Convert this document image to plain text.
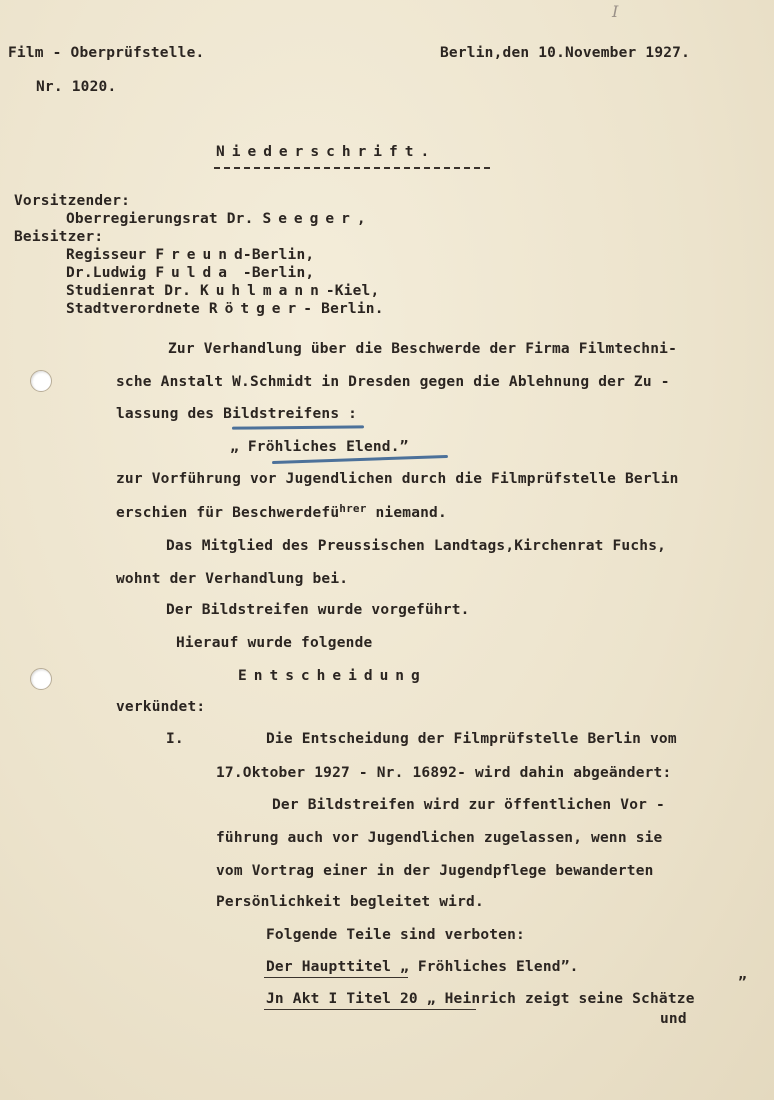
I
Film - Oberprüfstelle.	Berlin,den 10.November 1927.
Nr. 1020.
Niederschrift.
Vorsitzender:
Oberregierungsrat Dr. Seeger,
Beisitzer:
Regisseur Freund-Berlin,
Dr.Ludwig Fulda -Berlin,
Studienrat Dr. Kuhlmann-Kiel,
Stadtverordnete Rötger- Berlin.
Zur Verhandlung über die Beschwerde der Firma Filmtechni-
sche Anstalt W.Schmidt in Dresden gegen die Ablehnung der Zu -
lassung des Bildstreifens :
„ Fröhliches Elend.”
zur Vorführung vor Jugendlichen durch die Filmprüfstelle Berlin
erschien für Beschwerdefü$^{hrer}$ niemand.
Das Mitglied des Preussischen Landtags,Kirchenrat Fuchs,
wohnt der Verhandlung bei.
Der Bildstreifen wurde vorgeführt.
Hierauf wurde folgende
Entscheidung
verkündet:
I.	Die Entscheidung der Filmprüfstelle Berlin vom
17.Oktober 1927 - Nr. 16892- wird dahin abgeändert:
Der Bildstreifen wird zur öffentlichen Vor -
führung auch vor Jugendlichen zugelassen, wenn sie
vom Vortrag einer in der Jugendpflege bewanderten
Persönlichkeit begleitet wird.
Folgende Teile sind verboten:
Der Haupttitel „ Fröhliches Elend”.
”
Jn Akt I Titel 20 „ Heinrich zeigt seine Schätze
und
